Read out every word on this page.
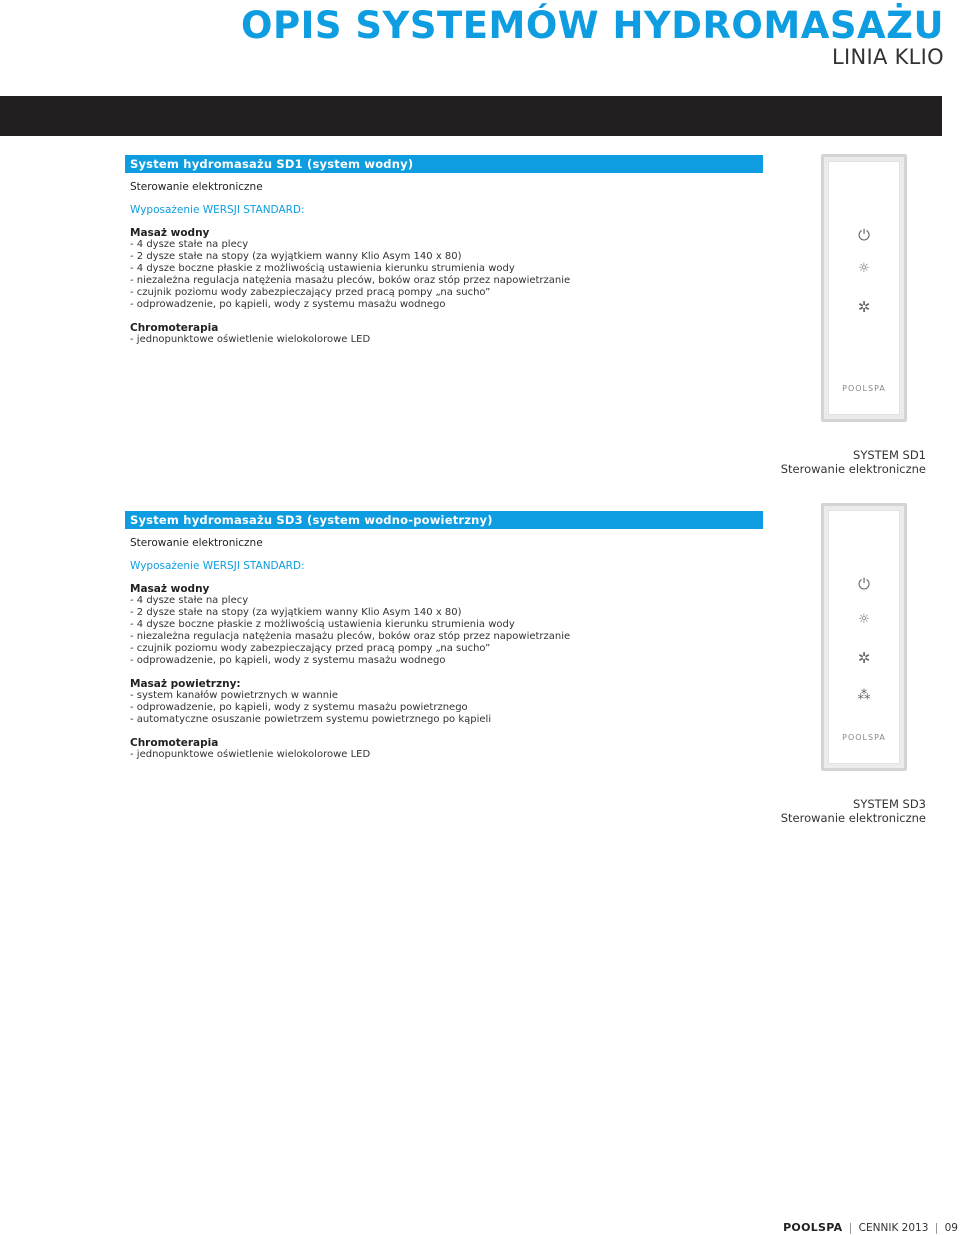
OPIS SYSTEMÓW HYDROMASAŻU
LINIA KLIO
System hydromasażu SD1 (system wodny)
Sterowanie elektroniczne
Wyposażenie WERSJI STANDARD:
Masaż wodny
- 4 dysze stałe na plecy
- 2 dysze stałe na stopy (za wyjątkiem wanny Klio Asym 140 x 80)
- 4 dysze boczne płaskie z możliwością ustawienia kierunku strumienia wody
- niezależna regulacja natężenia masażu pleców, boków oraz stóp przez napowietrzanie
- czujnik poziomu wody zabezpieczający przed pracą pompy „na sucho”
- odprowadzenie, po kąpieli, wody z systemu masażu wodnego
Chromoterapia
- jednopunktowe oświetlenie wielokolorowe LED
⏻
☼
✲
POOLSPA
SYSTEM SD1
Sterowanie elektroniczne
System hydromasażu SD3 (system wodno-powietrzny)
Sterowanie elektroniczne
Wyposażenie WERSJI STANDARD:
Masaż wodny
- 4 dysze stałe na plecy
- 2 dysze stałe na stopy (za wyjątkiem wanny Klio Asym 140 x 80)
- 4 dysze boczne płaskie z możliwością ustawienia kierunku strumienia wody
- niezależna regulacja natężenia masażu pleców, boków oraz stóp przez napowietrzanie
- czujnik poziomu wody zabezpieczający przed pracą pompy „na sucho”
- odprowadzenie, po kąpieli, wody z systemu masażu wodnego
Masaż powietrzny:
- system kanałów powietrznych w wannie
- odprowadzenie, po kąpieli, wody z systemu masażu powietrznego
- automatyczne osuszanie powietrzem systemu powietrznego po kąpieli
Chromoterapia
- jednopunktowe oświetlenie wielokolorowe LED
⏻
☼
✲
⁂
POOLSPA
SYSTEM SD3
Sterowanie elektroniczne
POOLSPA | CENNIK 2013 | 09
